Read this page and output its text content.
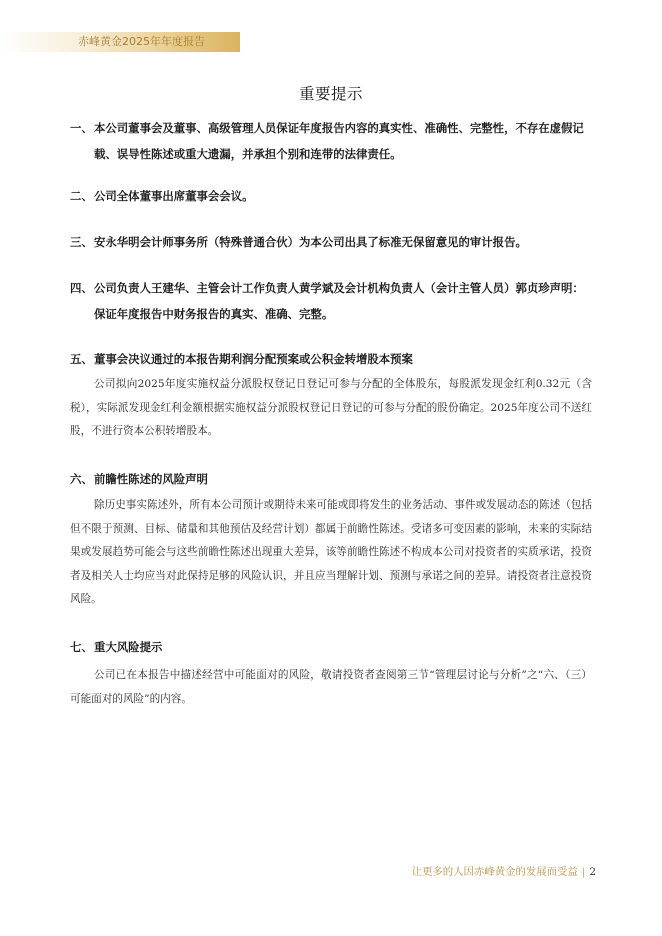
赤峰黄金2025年年度报告
重要提示
一、本公司董事会及董事、高级管理人员保证年度报告内容的真实性、准确性、完整性，不存在虚假记
载、误导性陈述或重大遗漏，并承担个别和连带的法律责任。
二、公司全体董事出席董事会会议。
三、安永华明会计师事务所（特殊普通合伙）为本公司出具了标准无保留意见的审计报告。
四、公司负责人王建华、主管会计工作负责人黄学斌及会计机构负责人（会计主管人员）郭贞珍声明：
保证年度报告中财务报告的真实、准确、完整。
五、董事会决议通过的本报告期利润分配预案或公积金转增股本预案
公司拟向2025年度实施权益分派股权登记日登记可参与分配的全体股东，每股派发现金红利0.32元（含税），实际派发现金红利金额根据实施权益分派股权登记日登记的可参与分配的股份确定。2025年度公司不送红股，不进行资本公积转增股本。
六、前瞻性陈述的风险声明
除历史事实陈述外，所有本公司预计或期待未来可能或即将发生的业务活动、事件或发展动态的陈述（包括但不限于预测、目标、储量和其他预估及经营计划）都属于前瞻性陈述。受诸多可变因素的影响，未来的实际结果或发展趋势可能会与这些前瞻性陈述出现重大差异，该等前瞻性陈述不构成本公司对投资者的实质承诺，投资者及相关人士均应当对此保持足够的风险认识，并且应当理解计划、预测与承诺之间的差异。请投资者注意投资风险。
七、重大风险提示
公司已在本报告中描述经营中可能面对的风险，敬请投资者查阅第三节“管理层讨论与分析”之“六、（三）可能面对的风险”的内容。
让更多的人因赤峰黄金的发展而受益 | 2
